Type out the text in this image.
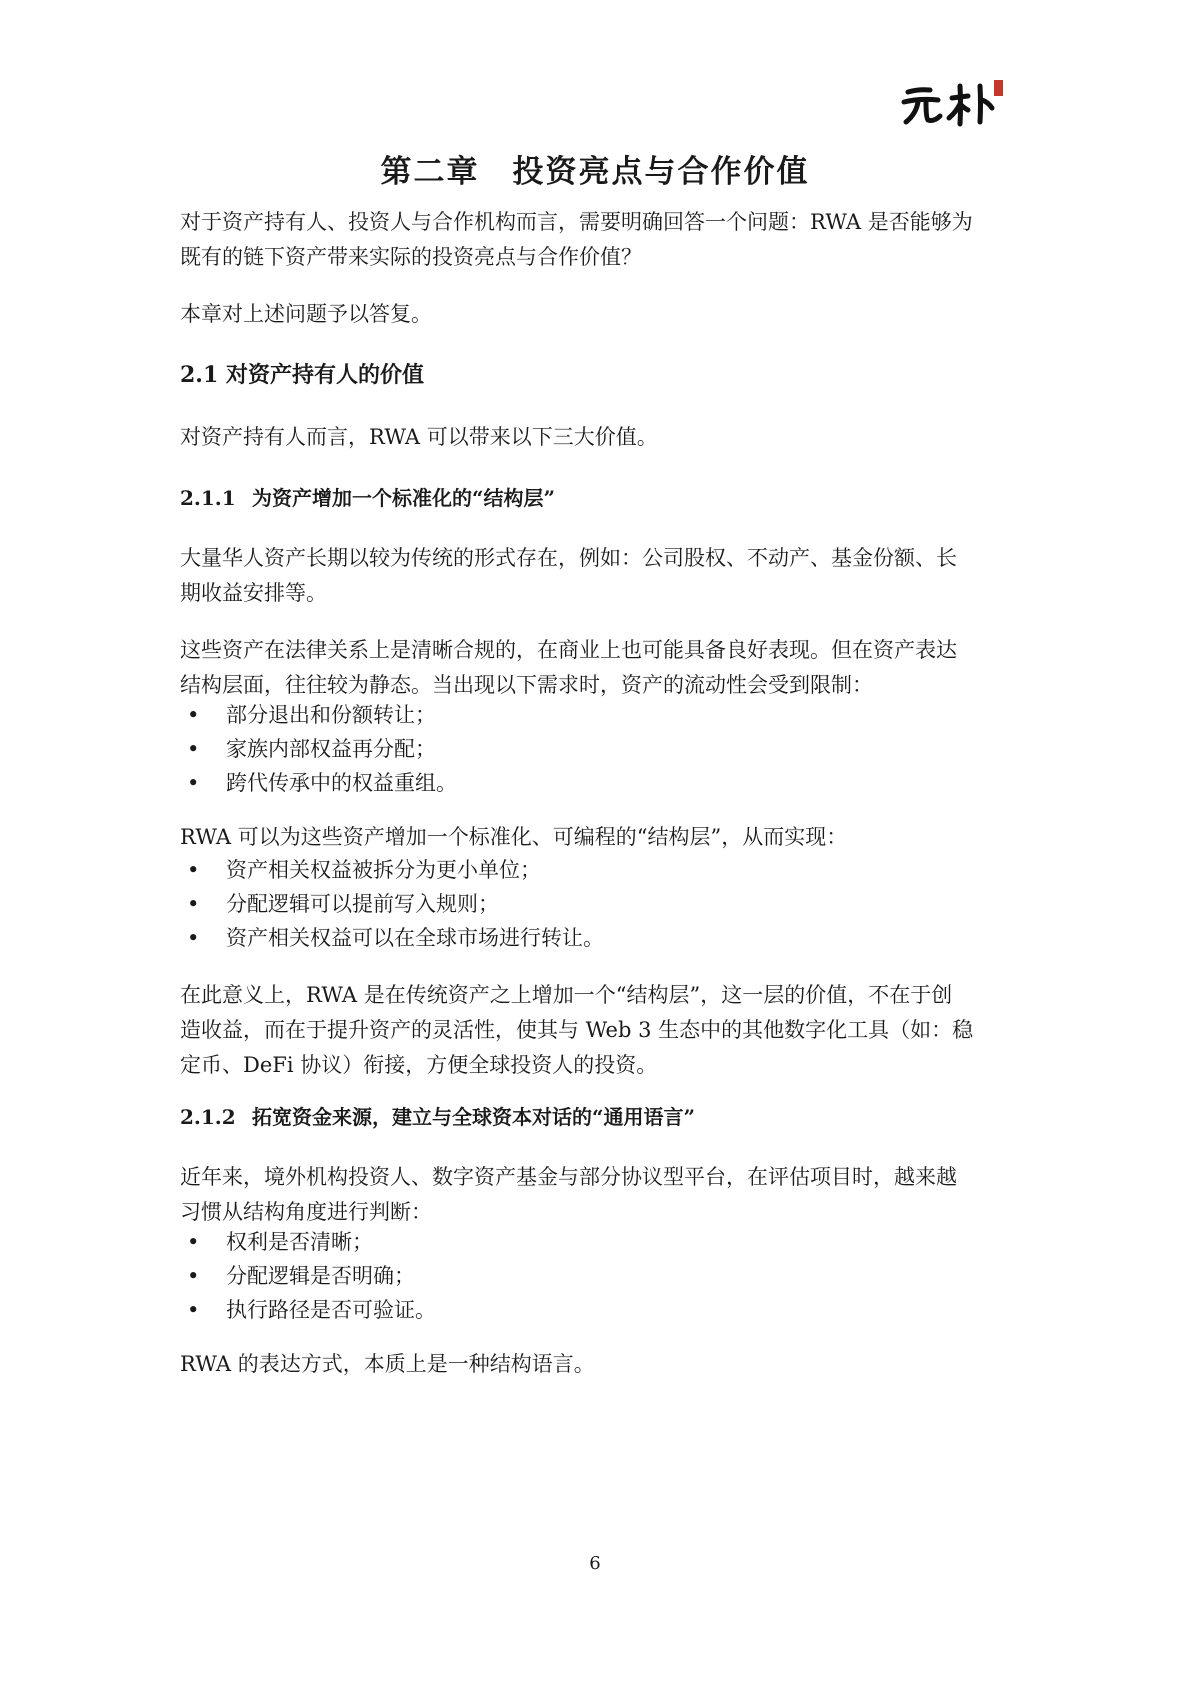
第二章　投资亮点与合作价值

对于资产持有人、投资人与合作机构而言，需要明确回答一个问题：RWA 是否能够为
既有的链下资产带来实际的投资亮点与合作价值？

本章对上述问题予以答复。

2.1 对资产持有人的价值

对资产持有人而言，RWA 可以带来以下三大价值。

2.1.1 为资产增加一个标准化的“结构层”

大量华人资产长期以较为传统的形式存在，例如：公司股权、不动产、基金份额、长
期收益安排等。

这些资产在法律关系上是清晰合规的，在商业上也可能具备良好表现。但在资产表达
结构层面，往往较为静态。当出现以下需求时，资产的流动性会受到限制：

• 部分退出和份额转让；
• 家族内部权益再分配；
• 跨代传承中的权益重组。

RWA 可以为这些资产增加一个标准化、可编程的“结构层”，从而实现：

• 资产相关权益被拆分为更小单位；
• 分配逻辑可以提前写入规则；
• 资产相关权益可以在全球市场进行转让。

在此意义上，RWA 是在传统资产之上增加一个“结构层”，这一层的价值，不在于创
造收益，而在于提升资产的灵活性，使其与 Web 3 生态中的其他数字化工具（如：稳
定币、DeFi 协议）衔接，方便全球投资人的投资。

2.1.2 拓宽资金来源，建立与全球资本对话的“通用语言”

近年来，境外机构投资人、数字资产基金与部分协议型平台，在评估项目时，越来越
习惯从结构角度进行判断：

• 权利是否清晰；
• 分配逻辑是否明确；
• 执行路径是否可验证。

RWA 的表达方式，本质上是一种结构语言。

6
